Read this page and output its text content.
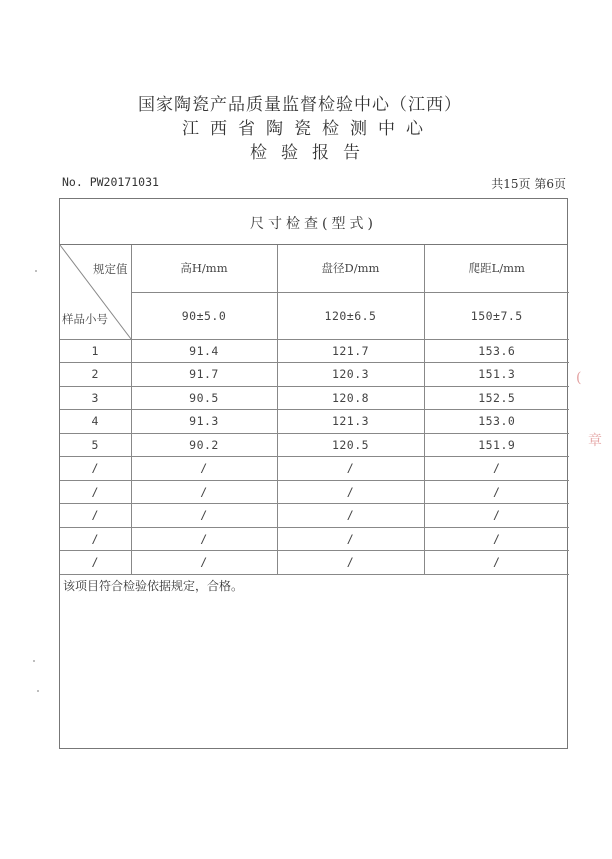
国家陶瓷产品质量监督检验中心（江西）
江西省陶瓷检测中心
检验报告
No. PW20171031	共15页 第6页
尺寸检查(型式)
规定值
样品小号	高H/mm	盘径D/mm	爬距L/mm
	90±5.0	120±6.5	150±7.5
1	91.4	121.7	153.6
2	91.7	120.3	151.3
3	90.5	120.8	152.5
4	91.3	121.3	153.0
5	90.2	120.5	151.9
/	/	/	/
/	/	/	/
/	/	/	/
/	/	/	/
/	/	/	/
该项目符合检验依据规定，合格。
(
章
